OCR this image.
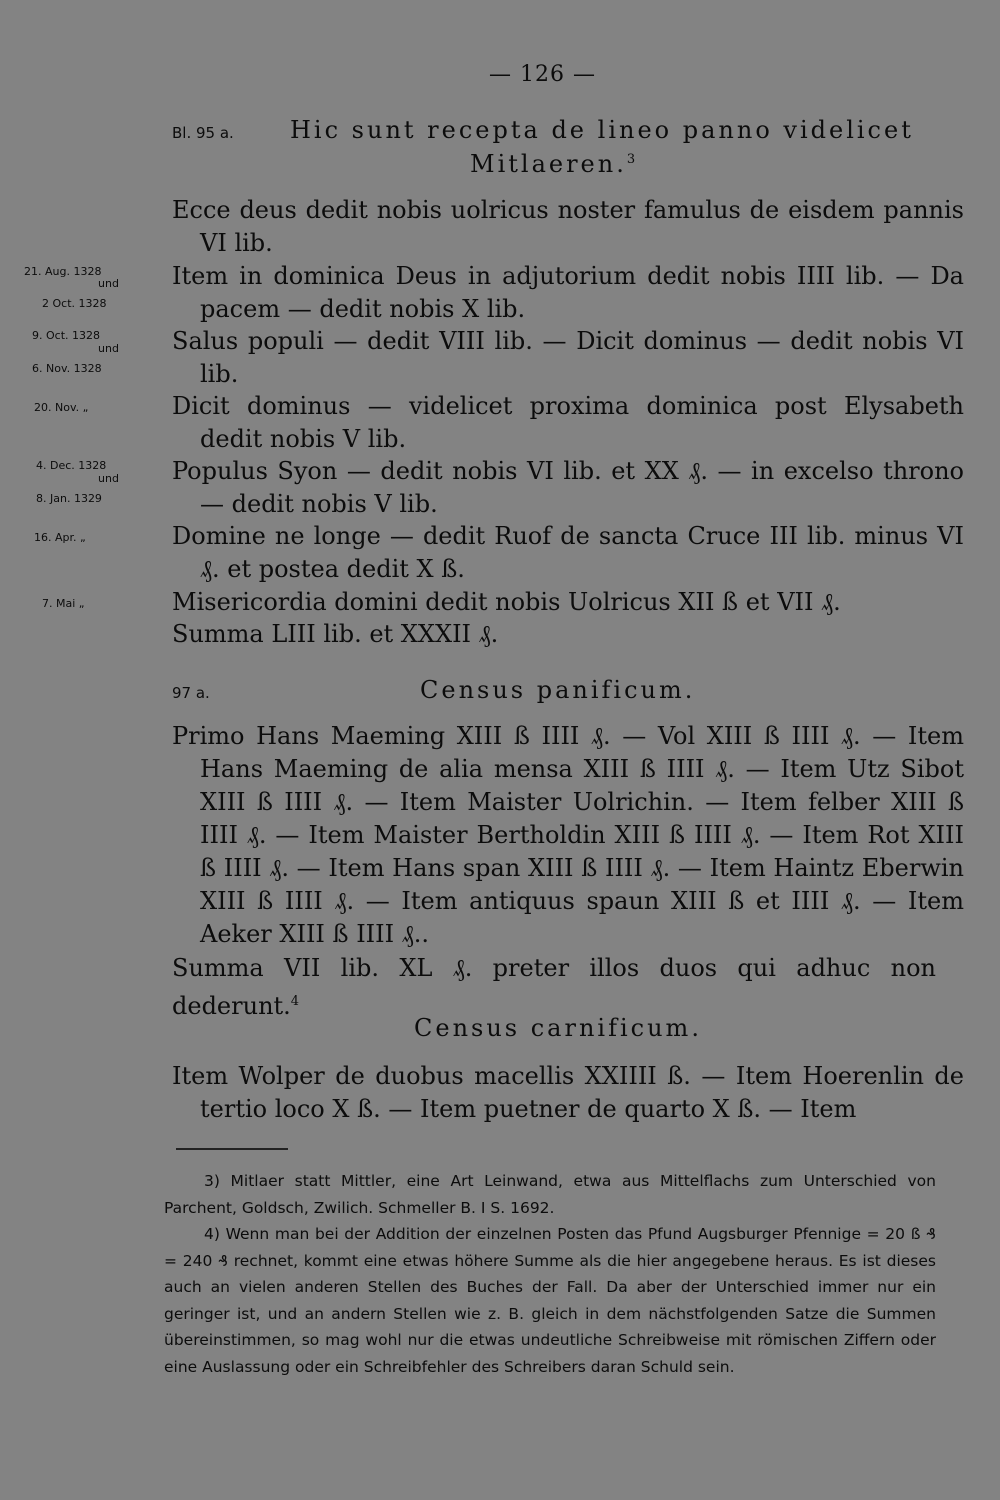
— 126 —
Bl. 95 a. Hic sunt recepta de lineo panno videlicet
Mitlaeren.$^3$
21. Aug. 1328
und
2 Oct. 1328
9. Oct. 1328
und
6. Nov. 1328
20. Nov. „
4. Dec. 1328
und
8. Jan. 1329
16. Apr. „
7. Mai „
Ecce deus dedit nobis uolricus noster famulus de eisdem pannis VI lib.
Item in dominica Deus in adjutorium dedit nobis IIII lib. — Da pacem — dedit nobis X lib.
Salus populi — dedit VIII lib. — Dicit dominus — dedit nobis VI lib.
Dicit dominus — videlicet proxima dominica post Elysabeth dedit nobis V lib.
Populus Syon — dedit nobis VI lib. et XX ₰. — in excelso throno — dedit nobis V lib.
Domine ne longe — dedit Ruof de sancta Cruce III lib. minus VI ₰. et postea dedit X ß.
Misericordia domini dedit nobis Uolricus XII ß et VII ₰.
Summa LIII lib. et XXXII ₰.
97 a.	Census panificum.
Primo Hans Maeming XIII ß IIII ₰. — Vol XIII ß IIII ₰. — Item Hans Maeming de alia mensa XIII ß IIII ₰. — Item Utz Sibot XIII ß IIII ₰. — Item Maister Uolrichin. — Item felber XIII ß IIII ₰. — Item Maister Bertholdin XIII ß IIII ₰. — Item Rot XIII ß IIII ₰. — Item Hans span XIII ß IIII ₰. — Item Haintz Eberwin XIII ß IIII ₰. — Item antiquus spaun XIII ß et IIII ₰. — Item Aeker XIII ß IIII ₰..
Summa VII lib. XL ₰. preter illos duos qui adhuc non dederunt.$^4$
Census carnificum.
Item Wolper de duobus macellis XXIIII ß. — Item Hoerenlin de tertio loco X ß. — Item puetner de quarto X ß. — Item

3) Mitlaer statt Mittler, eine Art Leinwand, etwa aus Mittelflachs zum Unterschied von Parchent, Goldsch, Zwilich. Schmeller B. I S. 1692.

4) Wenn man bei der Addition der einzelnen Posten das Pfund Augsburger Pfennige = 20 ß ₰ = 240 ₰ rechnet, kommt eine etwas höhere Summe als die hier angegebene heraus. Es ist dieses auch an vielen anderen Stellen des Buches der Fall. Da aber der Unterschied immer nur ein geringer ist, und an andern Stellen wie z. B. gleich in dem nächstfolgenden Satze die Summen übereinstimmen, so mag wohl nur die etwas undeutliche Schreibweise mit römischen Ziffern oder eine Auslassung oder ein Schreibfehler des Schreibers daran Schuld sein.
